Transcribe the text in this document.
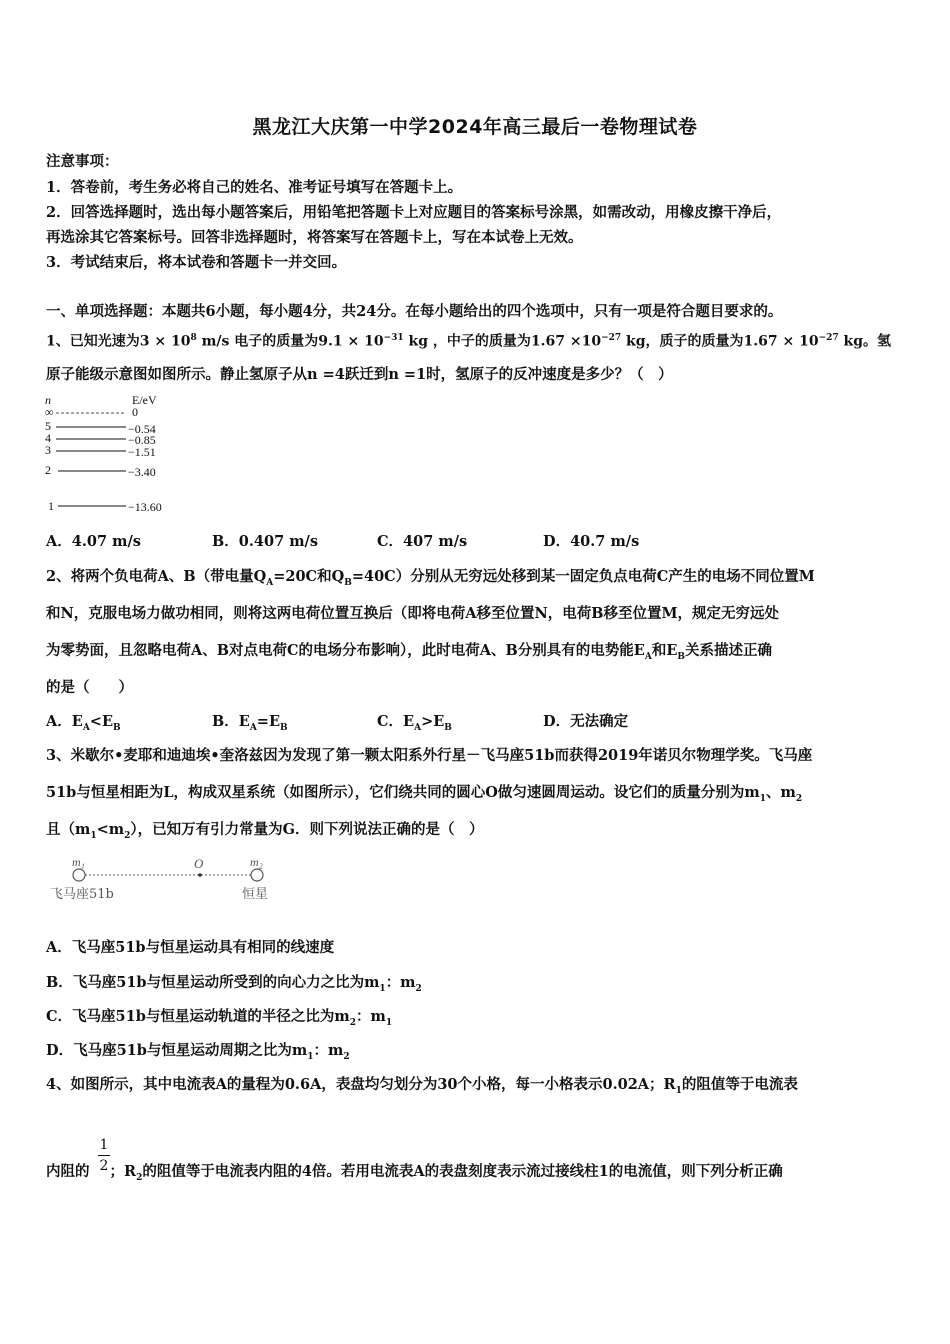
黑龙江大庆第一中学2024年高三最后一卷物理试卷
注意事项：
1．答卷前，考生务必将自己的姓名、准考证号填写在答题卡上。
2．回答选择题时，选出每小题答案后，用铅笔把答题卡上对应题目的答案标号涂黑，如需改动，用橡皮擦干净后，
再选涂其它答案标号。回答非选择题时，将答案写在答题卡上，写在本试卷上无效。
3．考试结束后，将本试卷和答题卡一并交回。
一、单项选择题：本题共6小题，每小题4分，共24分。在每小题给出的四个选项中，只有一项是符合题目要求的。
1、已知光速为$3 \times 10^8$ m/s 电子的质量为$9.1 \times 10^{-31}$ kg ，中子的质量为$1.67 \times 10^{-27}$ kg，质子的质量为$1.67 \times 10^{-27}$ kg。氢
原子能级示意图如图所示。静止氢原子从n =4跃迁到n =1时，氢原子的反冲速度是多少？（　）
n	E/eV
∞	0
5	−0.54
4	−0.85
3	−1.51
2	−3.40
1	−13.60
A．4.07 m/s	B．0.407 m/s	C．407 m/s	D．40.7 m/s
2、将两个负电荷A、B（带电量$Q_A=20C$和$Q_B=40C$）分别从无穷远处移到某一固定负点电荷C产生的电场不同位置M
和N，克服电场力做功相同，则将这两电荷位置互换后（即将电荷A移至位置N，电荷B移至位置M，规定无穷远处
为零势面，且忽略电荷A、B对点电荷C的电场分布影响），此时电荷A、B分别具有的电势能$E_A$和$E_B$关系描述正确
的是（　　）
A．$E_A<E_B$	B．$E_A=E_B$	C．$E_A>E_B$	D．无法确定
3、米歇尔•麦耶和迪迪埃•奎洛兹因为发现了第一颗太阳系外行星－飞马座51b而获得2019年诺贝尔物理学奖。飞马座
51b与恒星相距为L，构成双星系统（如图所示），它们绕共同的圆心O做匀速圆周运动。设它们的质量分别为$m_1$、$m_2$
且$(m_1<m_2)$，已知万有引力常量为G．则下列说法正确的是（　）
m₁	O	m₂
飞马座51b	恒星
A．飞马座51b与恒星运动具有相同的线速度
B．飞马座51b与恒星运动所受到的向心力之比为$m_1$：$m_2$
C．飞马座51b与恒星运动轨道的半径之比为$m_2$：$m_1$
D．飞马座51b与恒星运动周期之比为$m_1$：$m_2$
4、如图所示，其中电流表A的量程为0.6A，表盘均匀划分为30个小格，每一小格表示0.02A；$R_1$的阻值等于电流表
1
2
内阻的 ；$R_2$的阻值等于电流表内阻的4倍。若用电流表A的表盘刻度表示流过接线柱1的电流值，则下列分析正确
